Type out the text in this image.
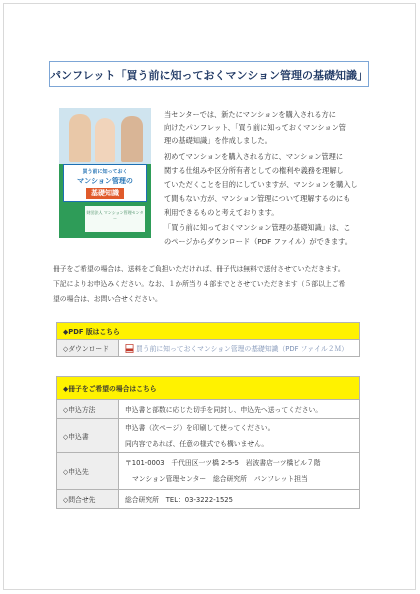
パンフレット「買う前に知っておくマンション管理の基礎知識」
買う前に知っておく
マンション管理の
基礎知識
財団法人 マンション管理センター
当センターでは、新たにマンションを購入される方に
向けたパンフレット、「買う前に知っておくマンション管
理の基礎知識」を作成しました。
初めてマンションを購入される方に、マンション管理に
関する仕組みや区分所有者としての権利や義務を理解し
ていただくことを目的にしていますが、マンションを購入し
て間もない方が、マンション管理について理解するのにも
利用できるものと考えております。
「買う前に知っておくマンション管理の基礎知識」は、こ
のページからダウンロード（PDF ファイル）ができます。
冊子をご希望の場合は、送料をご負担いただければ、冊子代は無料で送付させていただきます。
下記によりお申込みください。なお、１か所当り４部までとさせていただきます（５部以上ご希
望の場合は、お問い合せください。
◆PDF 版はこちら
◇ダウンロード	買う前に知っておくマンション管理の基礎知識（PDF ファイル２Ｍ）
◆冊子をご希望の場合はこちら	
◇申込方法	申込書と部数に応じた切手を同封し、申込先へ送ってください。
◇申込書	申込書（次ページ）を印刷して使ってください。
同内容であれば、任意の様式でも構いません。

◇申込先	〒101-0003　千代田区一ツ橋 2-5-5　岩波書店一ツ橋ビル７階
マンション管理センター　総合研究所　パンフレット担当

◇問合せ先	総合研究所　TEL：03-3222-1525
